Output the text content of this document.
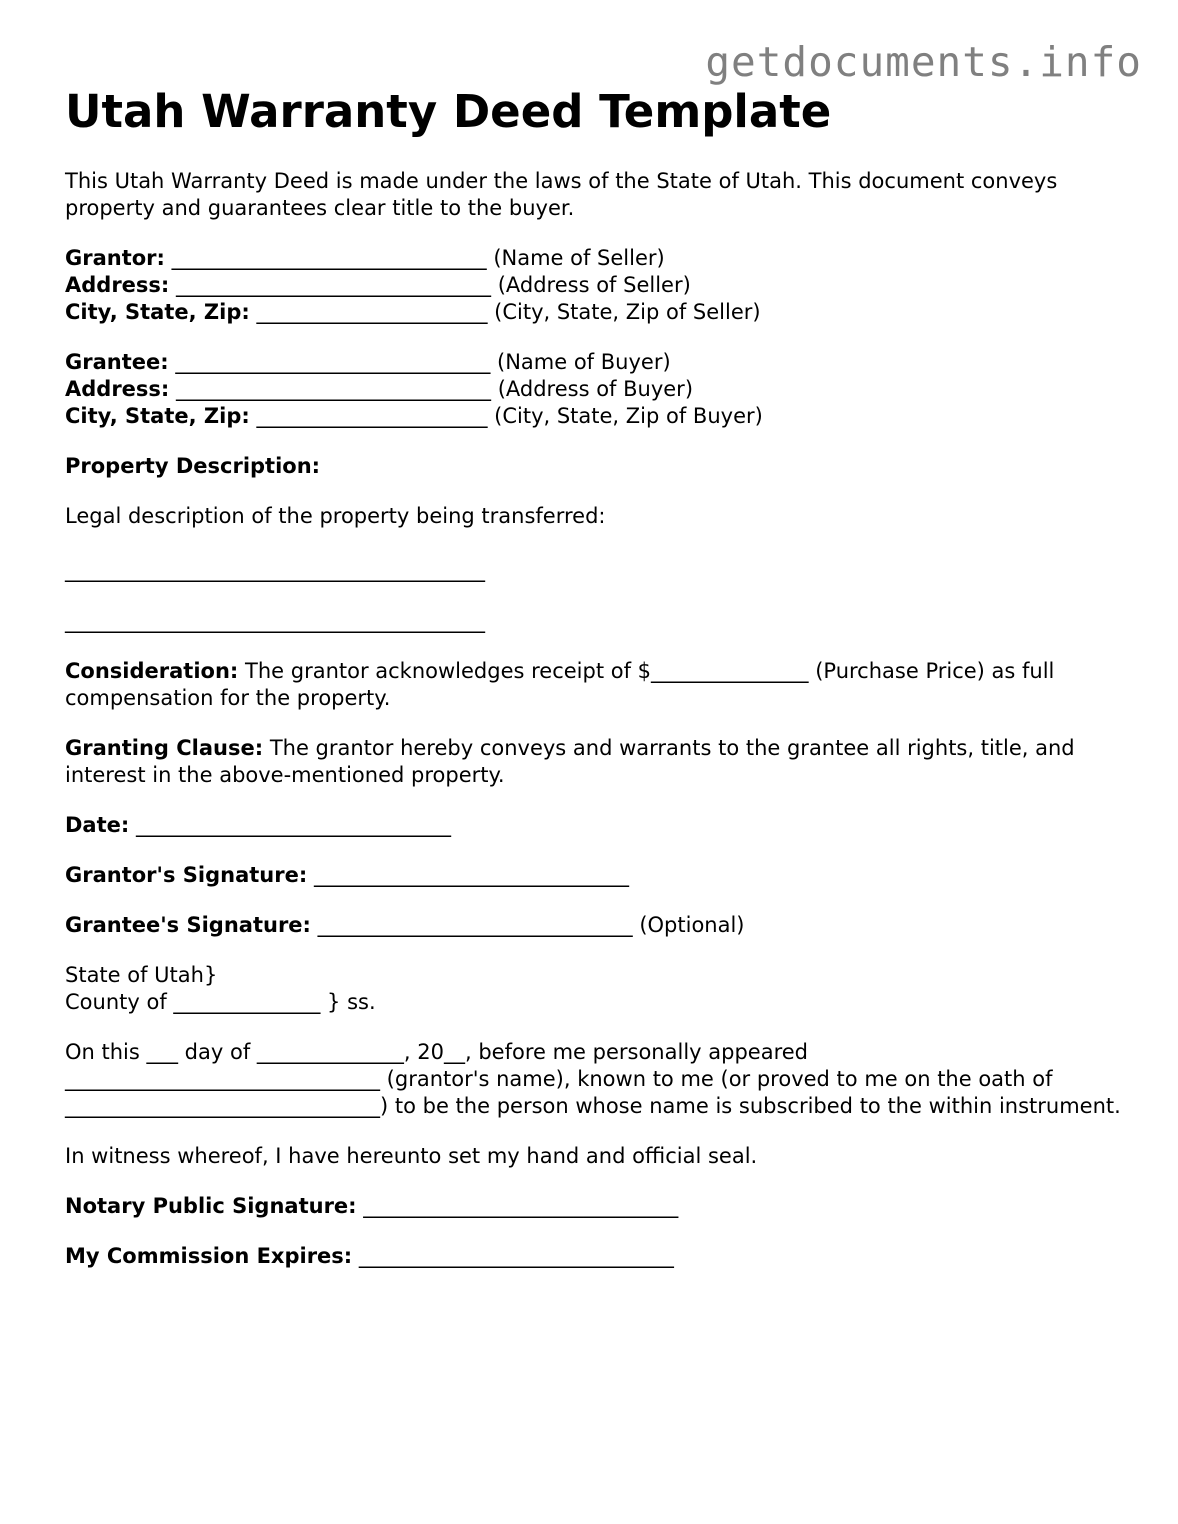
getdocuments.info
Utah Warranty Deed Template
This Utah Warranty Deed is made under the laws of the State of Utah. This document conveys property and guarantees clear title to the buyer.
Grantor: ______________________________ (Name of Seller)
Address: ______________________________ (Address of Seller)
City, State, Zip: ______________________ (City, State, Zip of Seller)
Grantee: ______________________________ (Name of Buyer)
Address: ______________________________ (Address of Buyer)
City, State, Zip: ______________________ (City, State, Zip of Buyer)
Property Description:
Legal description of the property being transferred:
________________________________________
________________________________________
Consideration: The grantor acknowledges receipt of $_______________ (Purchase Price) as full compensation for the property.
Granting Clause: The grantor hereby conveys and warrants to the grantee all rights, title, and interest in the above-mentioned property.
Date: ______________________________
Grantor's Signature: ______________________________
Grantee's Signature: ______________________________ (Optional)
State of Utah}
County of ______________ } ss.
On this ___ day of ______________, 20__, before me personally appeared ______________________________ (grantor's name), known to me (or proved to me on the oath of ______________________________) to be the person whose name is subscribed to the within instrument.
In witness whereof, I have hereunto set my hand and official seal.
Notary Public Signature: ______________________________
My Commission Expires: ______________________________
